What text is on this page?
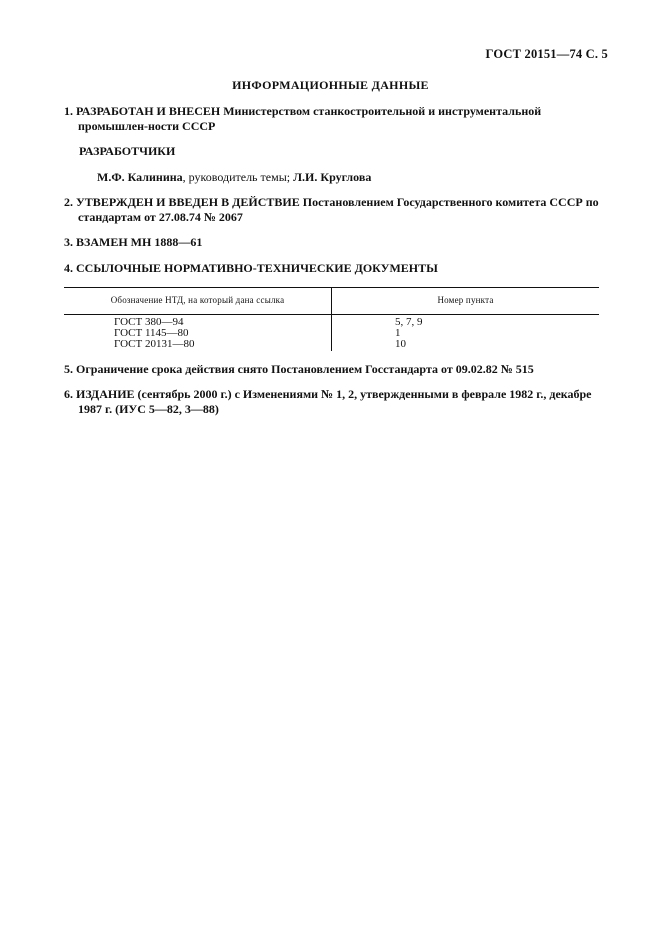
ГОСТ 20151—74 С. 5
ИНФОРМАЦИОННЫЕ ДАННЫЕ
1. РАЗРАБОТАН И ВНЕСЕН Министерством станкостроительной и инструментальной промышлен-ности СССР
РАЗРАБОТЧИКИ
М.Ф. Калинина, руководитель темы; Л.И. Круглова
2. УТВЕРЖДЕН И ВВЕДЕН В ДЕЙСТВИЕ Постановлением Государственного комитета СССР по стандартам от 27.08.74 № 2067
3. ВЗАМЕН МН 1888—61
4. ССЫЛОЧНЫЕ НОРМАТИВНО-ТЕХНИЧЕСКИЕ ДОКУМЕНТЫ
Обозначение НТД, на который дана ссылка	Номер пункта
ГОСТ 380—94	5, 7, 9
ГОСТ 1145—80	1
ГОСТ 20131—80	10
5. Ограничение срока действия снято Постановлением Госстандарта от 09.02.82 № 515
6. ИЗДАНИЕ (сентябрь 2000 г.) с Изменениями № 1, 2, утвержденными в феврале 1982 г., декабре 1987 г. (ИУС 5—82, 3—88)
